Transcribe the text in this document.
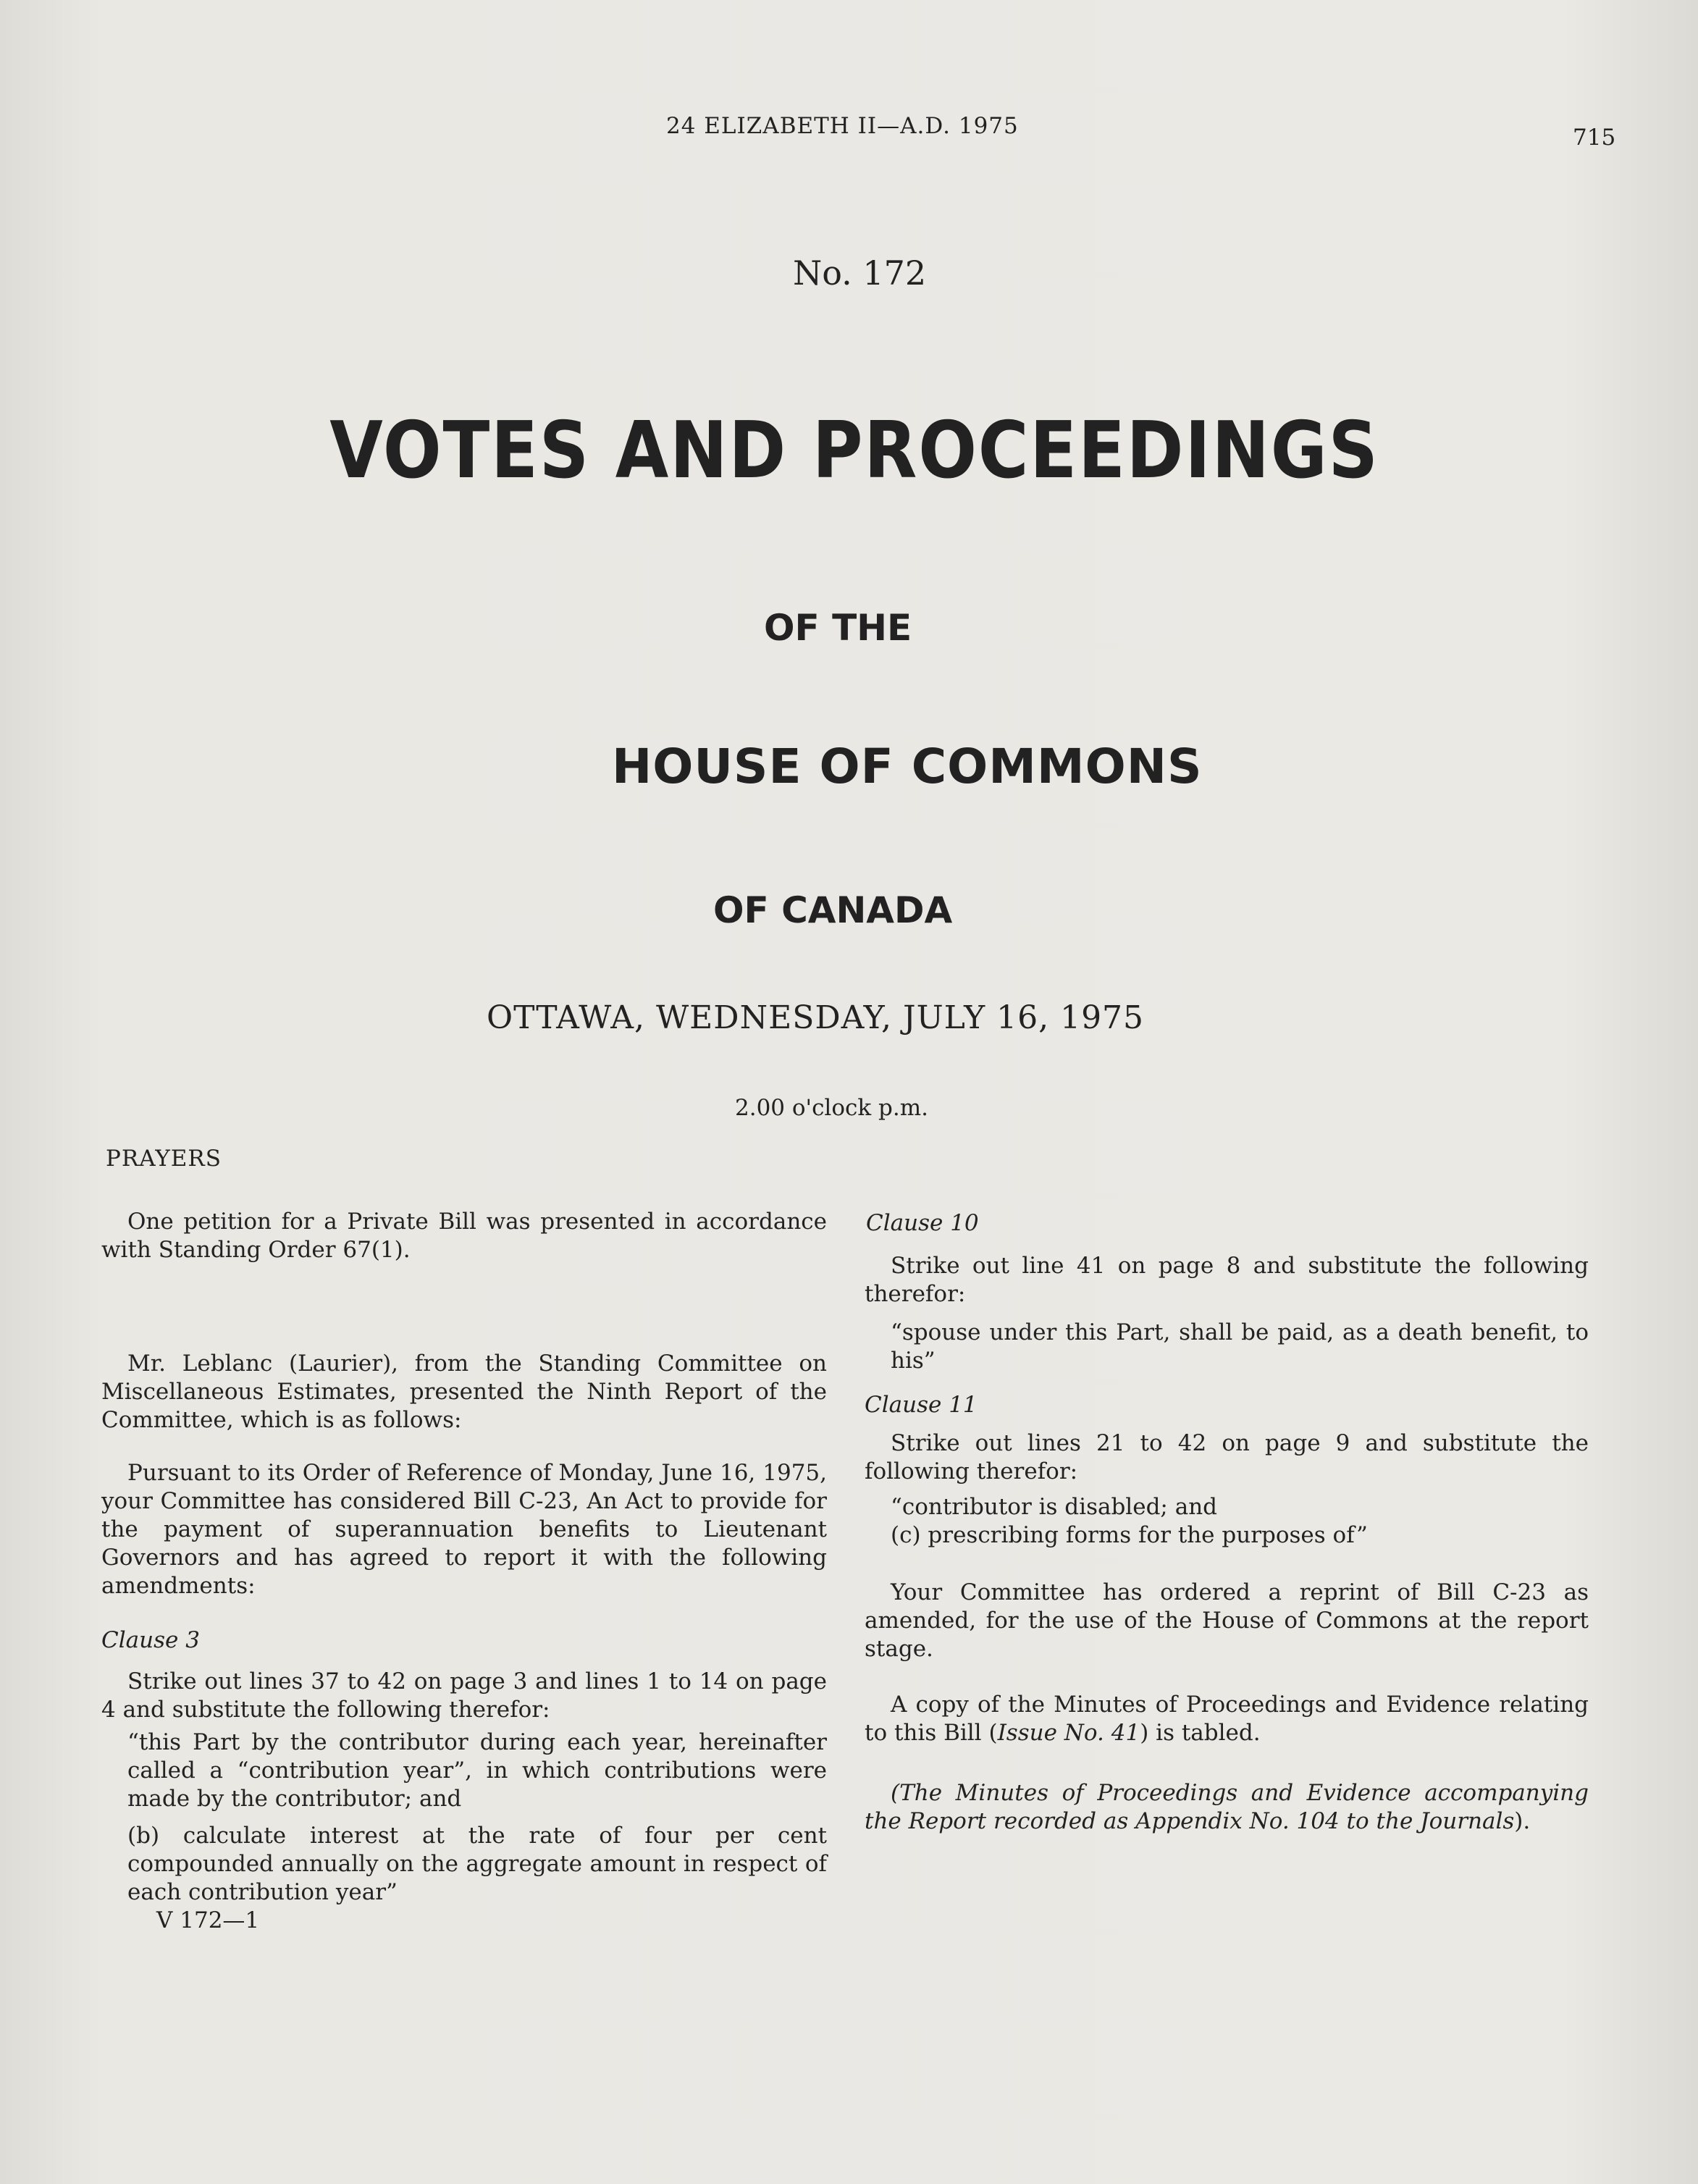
24 ELIZABETH II—A.D. 1975	715
No. 172
VOTES AND PROCEEDINGS
OF THE
HOUSE OF COMMONS
OF CANADA
OTTAWA, WEDNESDAY, JULY 16, 1975
2.00 o'clock p.m.
PRAYERS

One petition for a Private Bill was presented in accordance with Standing Order 67(1).

Mr. Leblanc (Laurier), from the Standing Committee on Miscellaneous Estimates, presented the Ninth Report of the Committee, which is as follows:

Pursuant to its Order of Reference of Monday, June 16, 1975, your Committee has considered Bill C-23, An Act to provide for the payment of superannuation benefits to Lieutenant Governors and has agreed to report it with the following amendments:

Clause 3

Strike out lines 37 to 42 on page 3 and lines 1 to 14 on page 4 and substitute the following therefor:

“this Part by the contributor during each year, hereinafter called a “contribution year”, in which contributions were made by the contributor; and

(b) calculate interest at the rate of four per cent compounded annually on the aggregate amount in respect of each contribution year”

V 172—1

Clause 10

Strike out line 41 on page 8 and substitute the following therefor:

“spouse under this Part, shall be paid, as a death benefit, to his”

Clause 11

Strike out lines 21 to 42 on page 9 and substitute the following therefor:

“contributor is disabled; and

(c) prescribing forms for the purposes of”

Your Committee has ordered a reprint of Bill C-23 as amended, for the use of the House of Commons at the report stage.

A copy of the Minutes of Proceedings and Evidence relating to this Bill (Issue No. 41) is tabled.

(The Minutes of Proceedings and Evidence accompanying the Report recorded as Appendix No. 104 to the Journals).
